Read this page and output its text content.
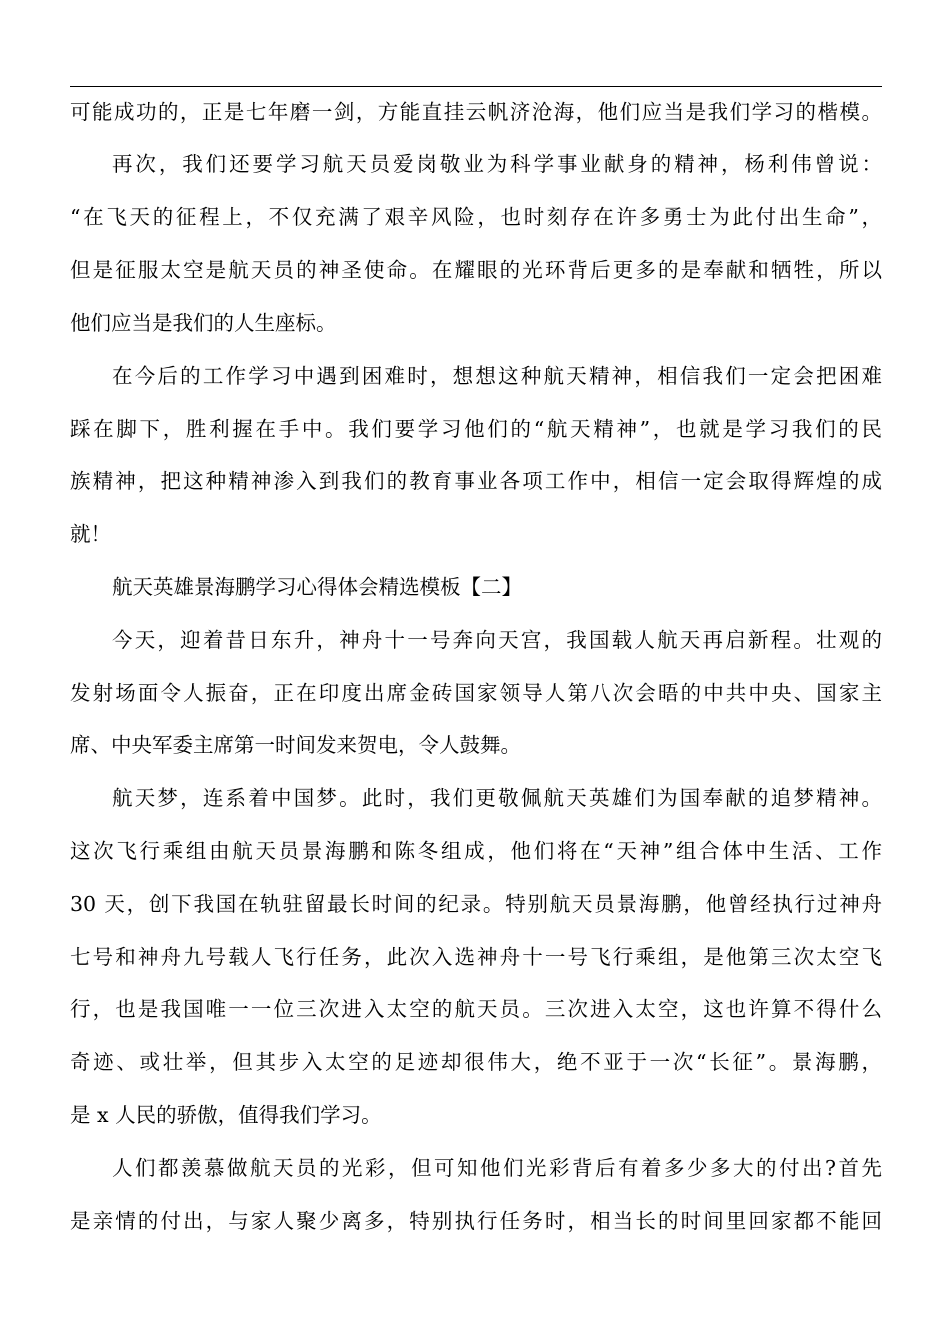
可能成功的，正是七年磨一剑，方能直挂云帆济沧海，他们应当是我们学习的楷模。
再次，我们还要学习航天员爱岗敬业为科学事业献身的精神，杨利伟曾说：
“在飞天的征程上，不仅充满了艰辛风险，也时刻存在许多勇士为此付出生命”，
但是征服太空是航天员的神圣使命。在耀眼的光环背后更多的是奉献和牺牲，所以
他们应当是我们的人生座标。
在今后的工作学习中遇到困难时，想想这种航天精神，相信我们一定会把困难
踩在脚下，胜利握在手中。我们要学习他们的“航天精神”，也就是学习我们的民
族精神，把这种精神渗入到我们的教育事业各项工作中，相信一定会取得辉煌的成
就！
航天英雄景海鹏学习心得体会精选模板【二】
今天，迎着昔日东升，神舟十一号奔向天宫，我国载人航天再启新程。壮观的
发射场面令人振奋，正在印度出席金砖国家领导人第八次会晤的中共中央、国家主
席、中央军委主席第一时间发来贺电，令人鼓舞。
航天梦，连系着中国梦。此时，我们更敬佩航天英雄们为国奉献的追梦精神。
这次飞行乘组由航天员景海鹏和陈冬组成，他们将在“天神”组合体中生活、工作
30 天，创下我国在轨驻留最长时间的纪录。特别航天员景海鹏，他曾经执行过神舟
七号和神舟九号载人飞行任务，此次入选神舟十一号飞行乘组，是他第三次太空飞
行，也是我国唯一一位三次进入太空的航天员。三次进入太空，这也许算不得什么
奇迹、或壮举，但其步入太空的足迹却很伟大，绝不亚于一次“长征”。景海鹏，
是 x 人民的骄傲，值得我们学习。
人们都羡慕做航天员的光彩，但可知他们光彩背后有着多少多大的付出?首先
是亲情的付出，与家人聚少离多，特别执行任务时，相当长的时间里回家都不能回
